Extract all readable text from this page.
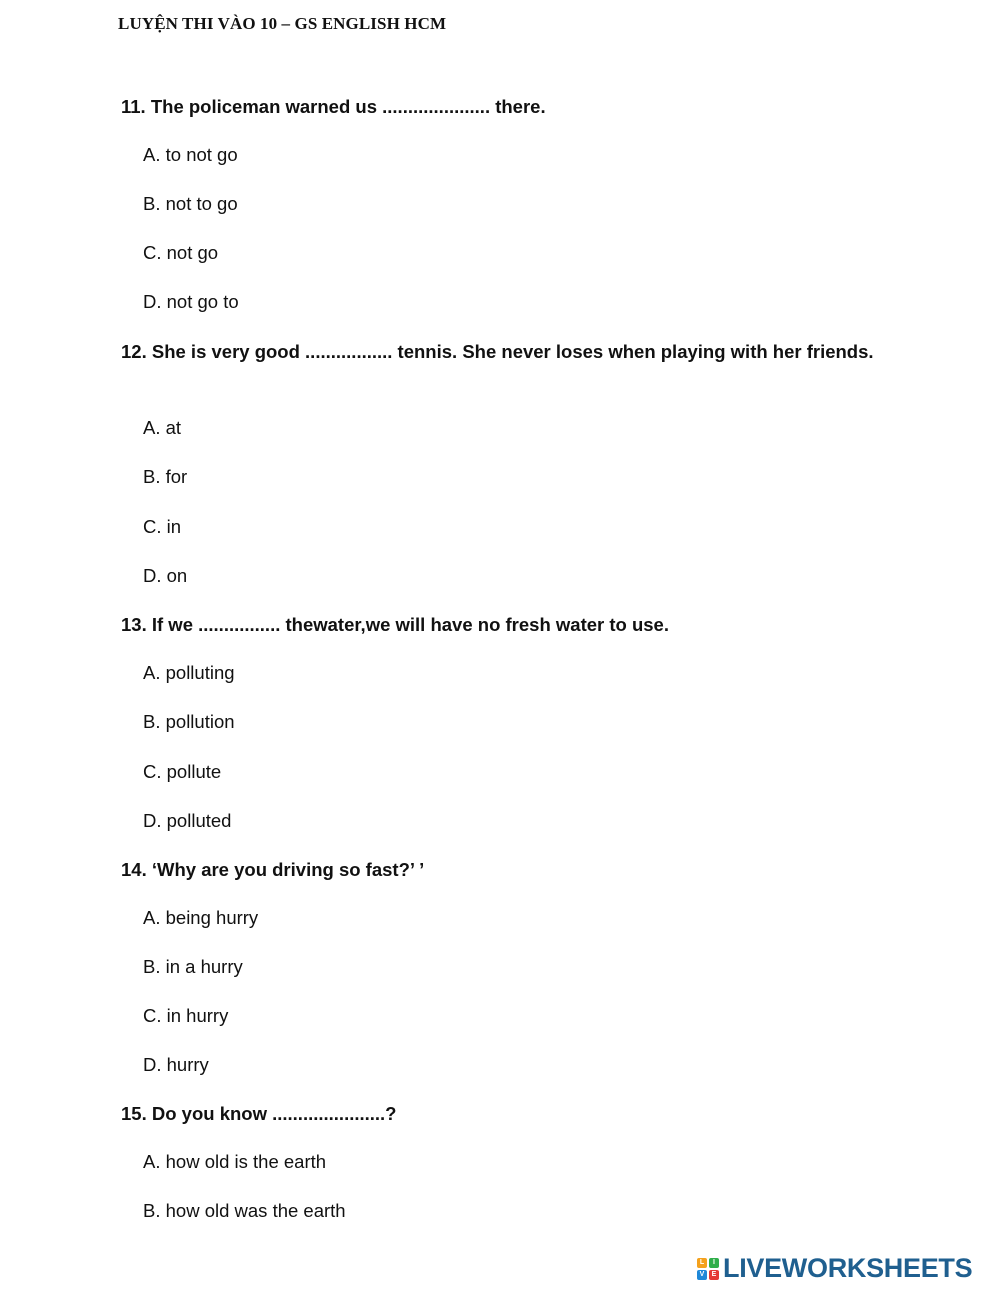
LUYỆN THI VÀO 10 – GS ENGLISH HCM
11. The policeman warned us ..................... there.
A. to not go
B. not to go
C. not go
D. not go to
12. She is very good ................. tennis. She never loses when playing with her friends.
A. at
B. for
C. in
D. on
13. If we ................ thewater,we will have no fresh water to use.
A. polluting
B. pollution
C. pollute
D. polluted
14. ‘Why are you driving so fast?’ ’
A. being hurry
B. in a hurry
C. in hurry
D. hurry
15. Do you know ......................?
A. how old is the earth
B. how old was the earth
L	I
V	E LIVEWORKSHEETS
